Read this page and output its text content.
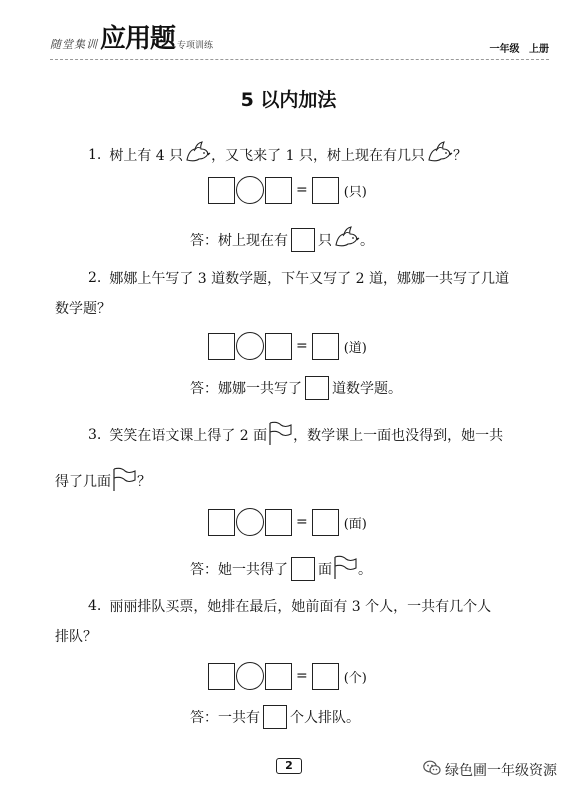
随堂集训 应用题 专项训练	一年级 上册
5 以内加法
1. 树上有 4 只 ，又飞来了 1 只，树上现在有几只 ？
=	(只)
答：树上现在有 只 。
2. 娜娜上午写了 3 道数学题，下午又写了 2 道，娜娜一共写了几道
数学题？
=	(道)
答：娜娜一共写了 道数学题。
3. 笑笑在语文课上得了 2 面 ，数学课上一面也没得到，她一共
得了几面 ？
=	(面)
答：她一共得了 面 。
4. 丽丽排队买票，她排在最后，她前面有 3 个人，一共有几个人
排队？
=	(个)
答：一共有 个人排队。
2	绿色圃一年级资源
